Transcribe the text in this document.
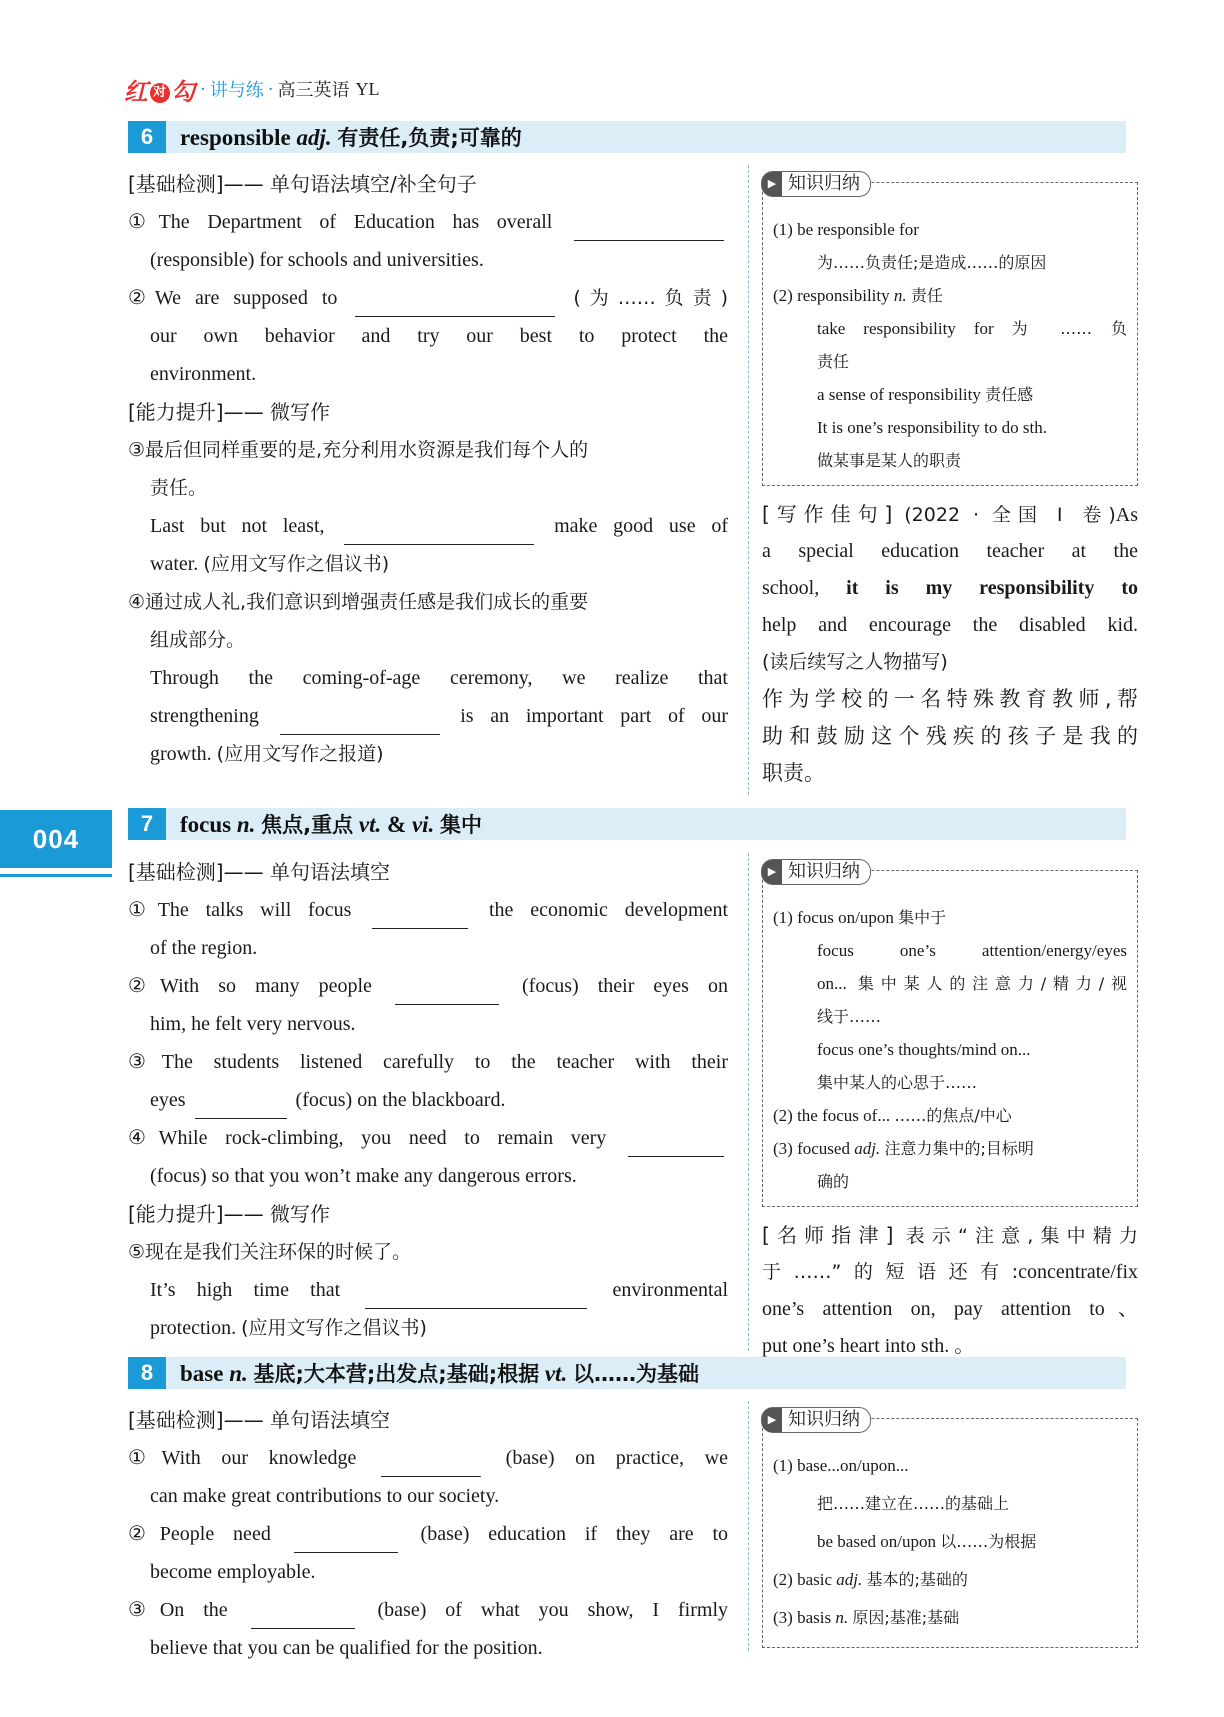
红 对 勾 · 讲与练 · 高三英语 YL
004
6	responsible adj. 有责任,负责;可靠的
[基础检测]—— 单句语法填空/补全句子
①The Department of Education has overall
(responsible) for schools and universities.
②We are supposed to	(为……负责)
our own behavior and try our best to protect the
environment.
[能力提升]—— 微写作
③最后但同样重要的是,充分利用水资源是我们每个人的
责任。
Last but not least,	make good use of
water. (应用文写作之倡议书)
④通过成人礼,我们意识到增强责任感是我们成长的重要
组成部分。
Through the coming-of-age ceremony, we realize that
strengthening	is an important part of our
growth. (应用文写作之报道)
▶ 知识归纳
(1) be responsible for
为……负责任;是造成……的原因
(2) responsibility n. 责任
take responsibility for 为 …… 负
责任
a sense of responsibility 责任感
It is one’s responsibility to do sth.
做某事是某人的职责
[写作佳句] (2022 · 全国 Ⅰ 卷)As
a special education teacher at the
school, it is my responsibility to
help and encourage the disabled kid.
(读后续写之人物描写)
作为学校的一名特殊教育教师,帮
助和鼓励这个残疾的孩子是我的
职责。
7	focus n. 焦点,重点 vt. & vi. 集中
[基础检测]—— 单句语法填空
①The talks will focus	the economic development
of the region.
②With so many people	(focus) their eyes on
him, he felt very nervous.
③The students listened carefully to the teacher with their
eyes	(focus) on the blackboard.
④While rock-climbing, you need to remain very
(focus) so that you won’t make any dangerous errors.
[能力提升]—— 微写作
⑤现在是我们关注环保的时候了。
It’s high time that	environmental
protection. (应用文写作之倡议书)
▶ 知识归纳
(1) focus on/upon 集中于
focus one’s attention/energy/eyes
on... 集中某人的注意力/精力/视
线于……
focus one’s thoughts/mind on...
集中某人的心思于……
(2) the focus of... ……的焦点/中心
(3) focused adj. 注意力集中的;目标明
确的
[名师指津] 表示“注意,集中精力
于……”的短语还有:concentrate/fix
one’s attention on, pay attention to、
put one’s heart into sth. 。
8	base n. 基底;大本营;出发点;基础;根据 vt. 以……为基础
[基础检测]—— 单句语法填空
①With our knowledge	(base) on practice, we
can make great contributions to our society.
②People need	(base) education if they are to
become employable.
③On the	(base) of what you show, I firmly
believe that you can be qualified for the position.
▶ 知识归纳
(1) base...on/upon...
把……建立在……的基础上
be based on/upon 以……为根据
(2) basic adj. 基本的;基础的
(3) basis n. 原因;基准;基础
